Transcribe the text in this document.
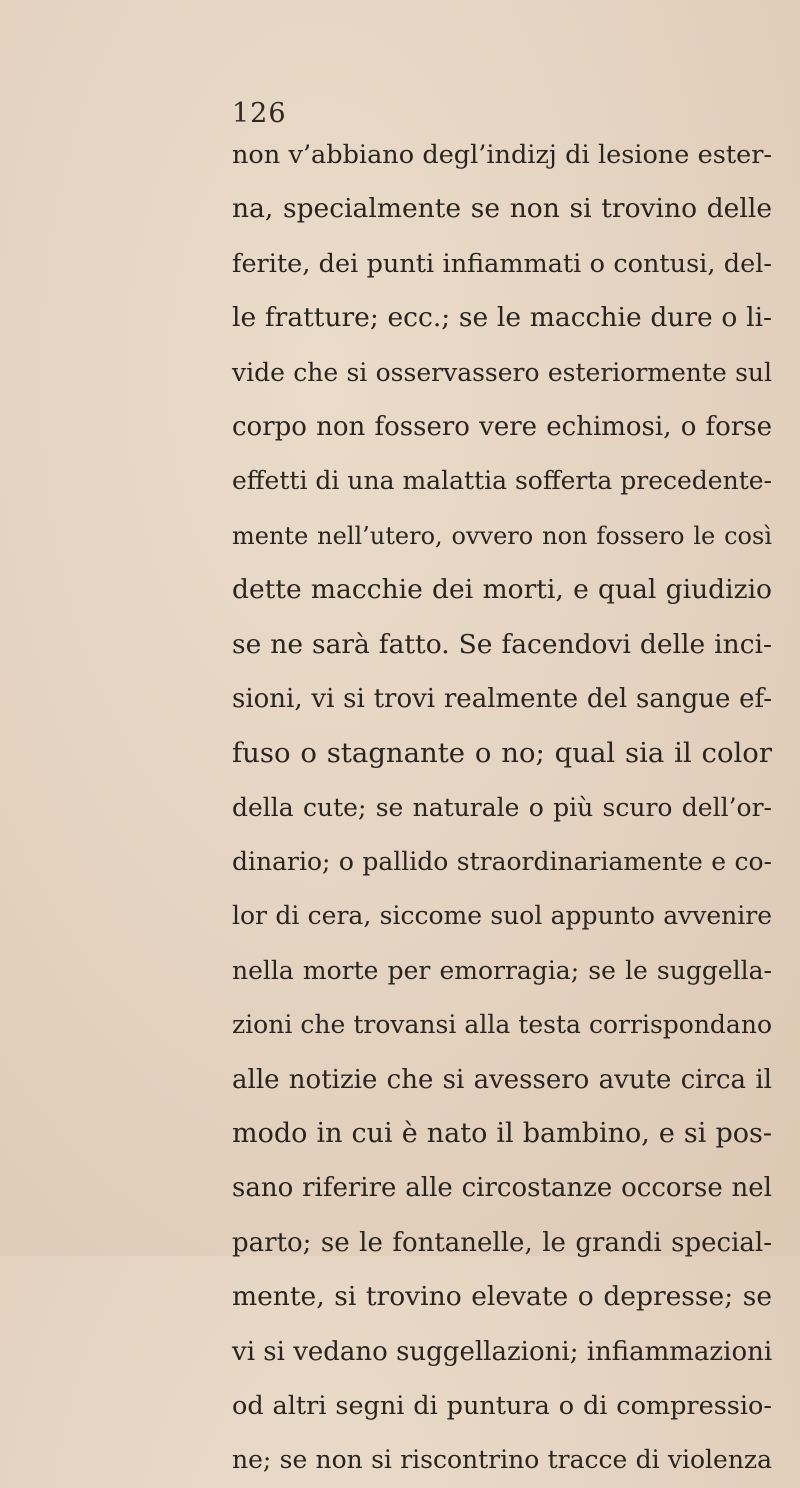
126
non v’abbiano degl’indizj di lesione ester-
na, specialmente se non si trovino delle
ferite, dei punti infiammati o contusi, del-
le fratture; ecc.; se le macchie dure o li-
vide che si osservassero esteriormente sul
corpo non fossero vere echimosi, o forse
effetti di una malattia sofferta precedente-
mente nell’utero, ovvero non fossero le così
dette macchie dei morti, e qual giudizio
se ne sarà fatto. Se facendovi delle inci-
sioni, vi si trovi realmente del sangue ef-
fuso o stagnante o no; qual sia il color
della cute; se naturale o più scuro dell’or-
dinario; o pallido straordinariamente e co-
lor di cera, siccome suol appunto avvenire
nella morte per emorragia; se le suggella-
zioni che trovansi alla testa corrispondano
alle notizie che si avessero avute circa il
modo in cui è nato il bambino, e si pos-
sano riferire alle circostanze occorse nel
parto; se le fontanelle, le grandi special-
mente, si trovino elevate o depresse; se
vi si vedano suggellazioni; infiammazioni
od altri segni di puntura o di compressio-
ne; se non si riscontrino tracce di violenza
